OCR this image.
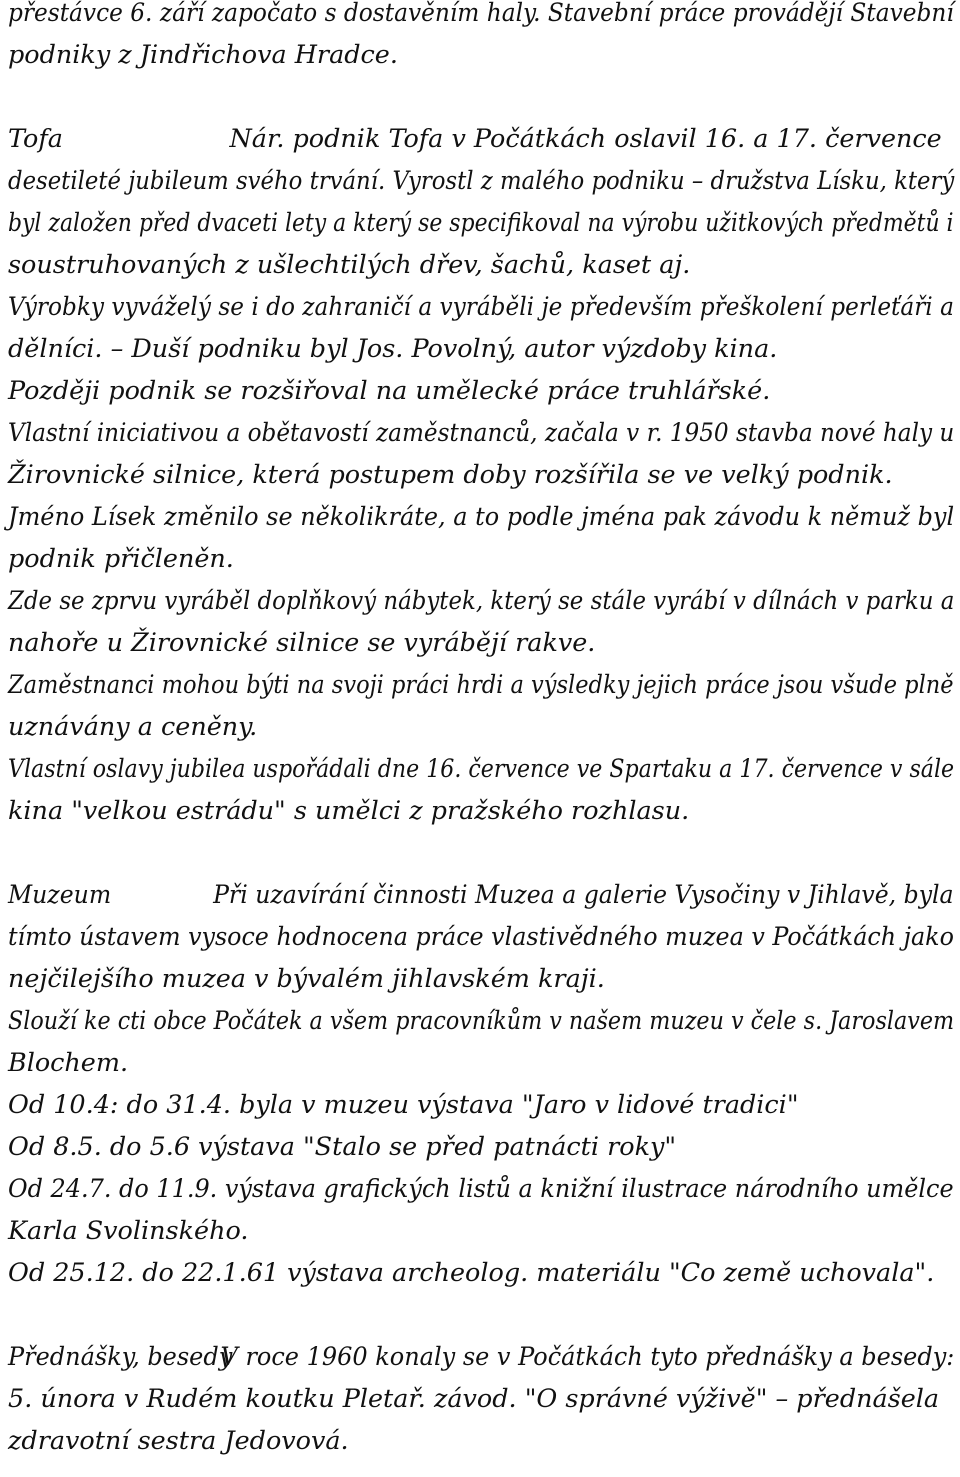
přestávce 6. září započato s dostavěním haly. Stavební práce provádějí Stavební
podniky z Jindřichova Hradce.
Tofa	Nár. podnik Tofa v Počátkách oslavil 16. a 17. července
desetileté jubileum svého trvání. Vyrostl z malého podniku – družstva Lísku, který
byl založen před dvaceti lety a který se specifikoval na výrobu užitkových předmětů i
soustruhovaných z ušlechtilých dřev, šachů, kaset aj.
Výrobky vyváželý se i do zahraničí a vyráběli je především přeškolení perleťáři a
dělníci. – Duší podniku byl Jos. Povolný, autor výzdoby kina.
Později podnik se rozšiřoval na umělecké práce truhlářské.
Vlastní iniciativou a obětavostí zaměstnanců, začala v r. 1950 stavba nové haly u
Žirovnické silnice, která postupem doby rozšířila se ve velký podnik.
Jméno Lísek změnilo se několikráte, a to podle jména pak závodu k němuž byl
podnik přičleněn.
Zde se zprvu vyráběl doplňkový nábytek, který se stále vyrábí v dílnách v parku a
nahoře u Žirovnické silnice se vyrábějí rakve.
Zaměstnanci mohou býti na svoji práci hrdi a výsledky jejich práce jsou všude plně
uznávány a ceněny.
Vlastní oslavy jubilea uspořádali dne 16. července ve Spartaku a 17. července v sále
kina "velkou estrádu" s umělci z pražského rozhlasu.
Muzeum	Při uzavírání činnosti Muzea a galerie Vysočiny v Jihlavě, byla
tímto ústavem vysoce hodnocena práce vlastivědného muzea v Počátkách jako
nejčilejšího muzea v bývalém jihlavském kraji.
Slouží ke cti obce Počátek a všem pracovníkům v našem muzeu v čele s. Jaroslavem
Blochem.
Od 10.4: do 31.4. byla v muzeu výstava "Jaro v lidové tradici"
Od 8.5. do 5.6 výstava "Stalo se před patnácti roky"
Od 24.7. do 11.9. výstava grafických listů a knižní ilustrace národního umělce
Karla Svolinského.
Od 25.12. do 22.1.61 výstava archeolog. materiálu "Co země uchovala".
Přednášky, besedy
V roce 1960 konaly se v Počátkách tyto přednášky a besedy:
5. února v Rudém koutku Pletař. závod. "O správné výživě" – přednášela
zdravotní sestra Jedovová.
